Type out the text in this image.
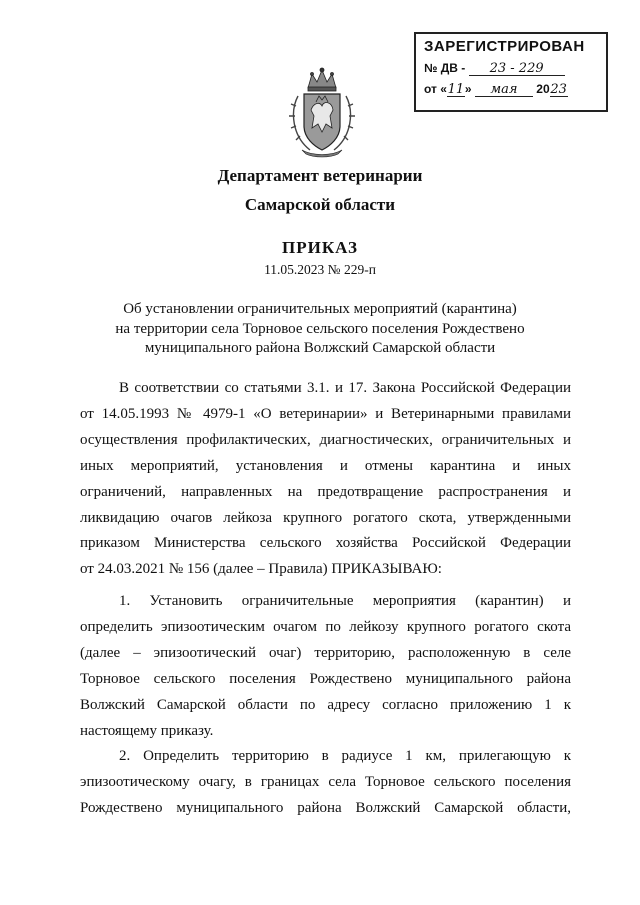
ЗАРЕГИСТРИРОВАН
№ ДВ - 23 - 229
от «11» мая 2023
Департамент ветеринарии
Самарской области
ПРИКАЗ
11.05.2023 № 229-п
Об установлении ограничительных мероприятий (карантина)
на территории села Торновое сельского поселения Рождествено
муниципального района Волжский Самарской области
В соответствии со статьями 3.1. и 17. Закона Российской Федерации
от 14.05.1993 № 4979-1 «О ветеринарии» и Ветеринарными правилами
осуществления профилактических, диагностических, ограничительных и
иных мероприятий, установления и отмены карантина и иных
ограничений, направленных на предотвращение распространения и
ликвидацию очагов лейкоза крупного рогатого скота, утвержденными
приказом Министерства сельского хозяйства Российской Федерации
от 24.03.2021 № 156 (далее – Правила) ПРИКАЗЫВАЮ:
1. Установить ограничительные мероприятия (карантин) и
определить эпизоотическим очагом по лейкозу крупного рогатого скота
(далее – эпизоотический очаг) территорию, расположенную в селе
Торновое сельского поселения Рождествено муниципального района
Волжский Самарской области по адресу согласно приложению 1 к
настоящему приказу.
2. Определить территорию в радиусе 1 км, прилегающую к
эпизоотическому очагу, в границах села Торновое сельского поселения
Рождествено муниципального района Волжский Самарской области,
